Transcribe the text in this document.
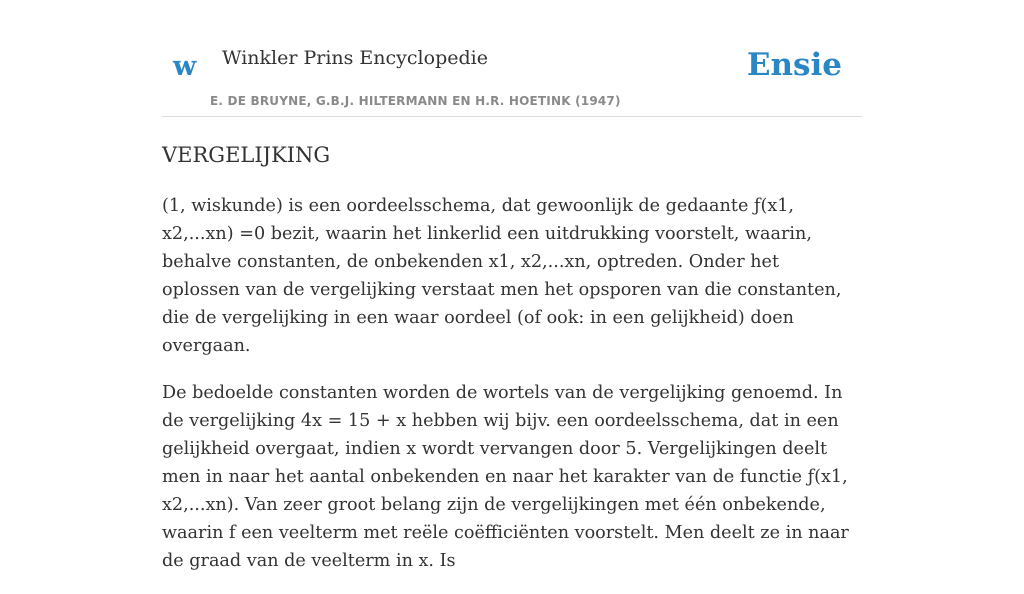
w Winkler Prins Encyclopedie
E. DE BRUYNE, G.B.J. HILTERMANN EN H.R. HOETINK (1947)
Ensie
VERGELIJKING

(1, wiskunde) is een oordeelsschema, dat gewoonlijk de gedaante ƒ(x1, x2,...xn) =0 bezit, waarin het linkerlid een uitdrukking voorstelt, waarin, behalve constanten, de onbekenden x1, x2,...xn, optreden. Onder het oplossen van de vergelijking verstaat men het opsporen van die constanten, die de vergelijking in een waar oordeel (of ook: in een gelijkheid) doen overgaan.

De bedoelde constanten worden de wortels van de vergelijking genoemd. In de vergelijking 4x = 15 + x hebben wij bijv. een oordeelsschema, dat in een gelijkheid overgaat, indien x wordt vervangen door 5. Vergelijkingen deelt men in naar het aantal onbekenden en naar het karakter van de functie ƒ(x1, x2,...xn). Van zeer groot belang zijn de vergelijkingen met één onbekende, waarin f een veelterm met reële coëfficiënten voorstelt. Men deelt ze in naar de graad van de veelterm in x. Is
